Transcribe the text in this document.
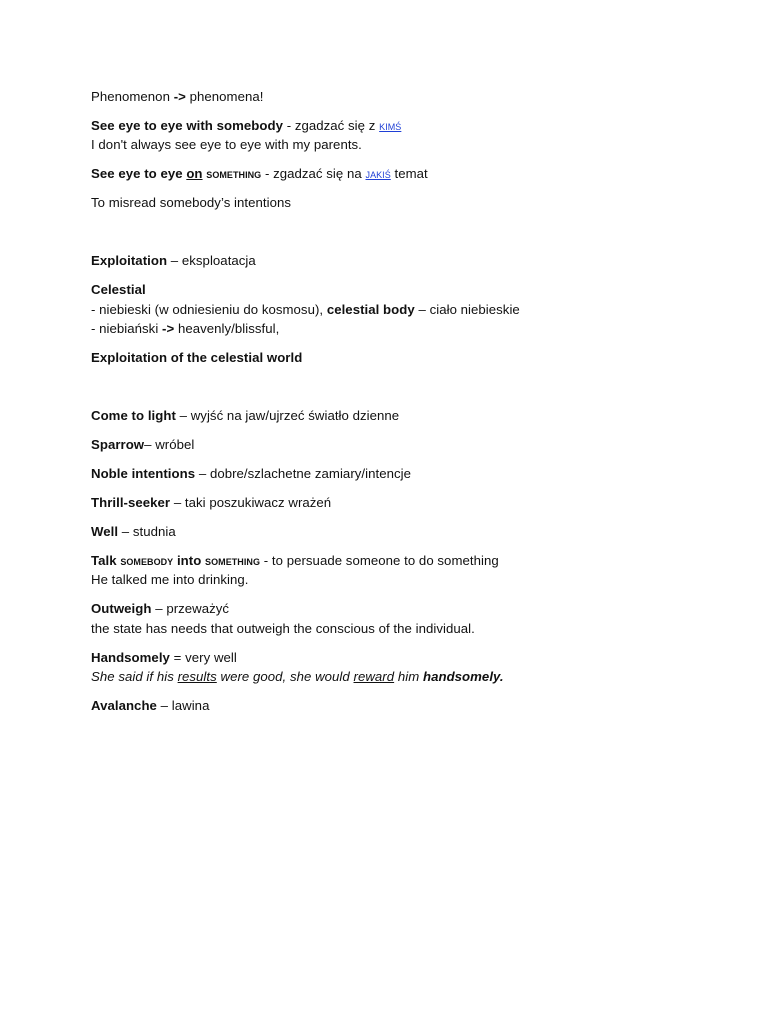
Phenomenon -> phenomena!
See eye to eye with somebody - zgadzać się z kimś
I don't always see eye to eye with my parents.
See eye to eye on something - zgadzać się na jakiś temat
To misread somebody’s intentions
Exploitation – eksploatacja
Celestial
- niebieski (w odniesieniu do kosmosu), celestial body – ciało niebieskie
- niebiański -> heavenly/blissful,
Exploitation of the celestial world
Come to light – wyjść na jaw/ujrzeć światło dzienne
Sparrow– wróbel
Noble intentions – dobre/szlachetne zamiary/intencje
Thrill-seeker – taki poszukiwacz wrażeń
Well – studnia
Talk somebody into something - to persuade someone to do something
He talked me into drinking.
Outweigh – przeważyć
the state has needs that outweigh the conscious of the individual.
Handsomely = very well
She said if his results were good, she would reward him handsomely.
Avalanche – lawina
